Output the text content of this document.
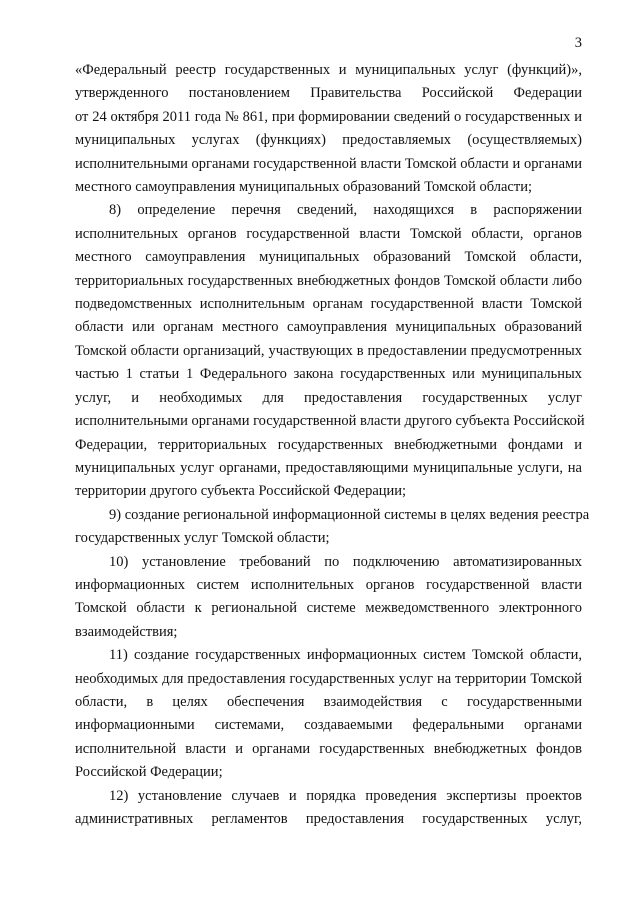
3

«Федеральный реестр государственных и муниципальных услуг (функций)»,
утвержденного постановлением Правительства Российской Федерации
от 24 октября 2011 года № 861, при формировании сведений о государственных и
муниципальных услугах (функциях) предоставляемых (осуществляемых)
исполнительными органами государственной власти Томской области и органами
местного самоуправления муниципальных образований Томской области;

8) определение перечня сведений, находящихся в распоряжении
исполнительных органов государственной власти Томской области, органов
местного самоуправления муниципальных образований Томской области,
территориальных государственных внебюджетных фондов Томской области либо
подведомственных исполнительным органам государственной власти Томской
области или органам местного самоуправления муниципальных образований
Томской области организаций, участвующих в предоставлении предусмотренных
частью 1 статьи 1 Федерального закона государственных или муниципальных
услуг, и необходимых для предоставления государственных услуг
исполнительными органами государственной власти другого субъекта Российской
Федерации, территориальных государственных внебюджетными фондами и
муниципальных услуг органами, предоставляющими муниципальные услуги, на
территории другого субъекта Российской Федерации;

9) создание региональной информационной системы в целях ведения реестра
государственных услуг Томской области;

10) установление требований по подключению автоматизированных
информационных систем исполнительных органов государственной власти
Томской области к региональной системе межведомственного электронного
взаимодействия;

11) создание государственных информационных систем Томской области,
необходимых для предоставления государственных услуг на территории Томской
области, в целях обеспечения взаимодействия с государственными
информационными системами, создаваемыми федеральными органами
исполнительной власти и органами государственных внебюджетных фондов
Российской Федерации;

12) установление случаев и порядка проведения экспертизы проектов
административных регламентов предоставления государственных услуг,
